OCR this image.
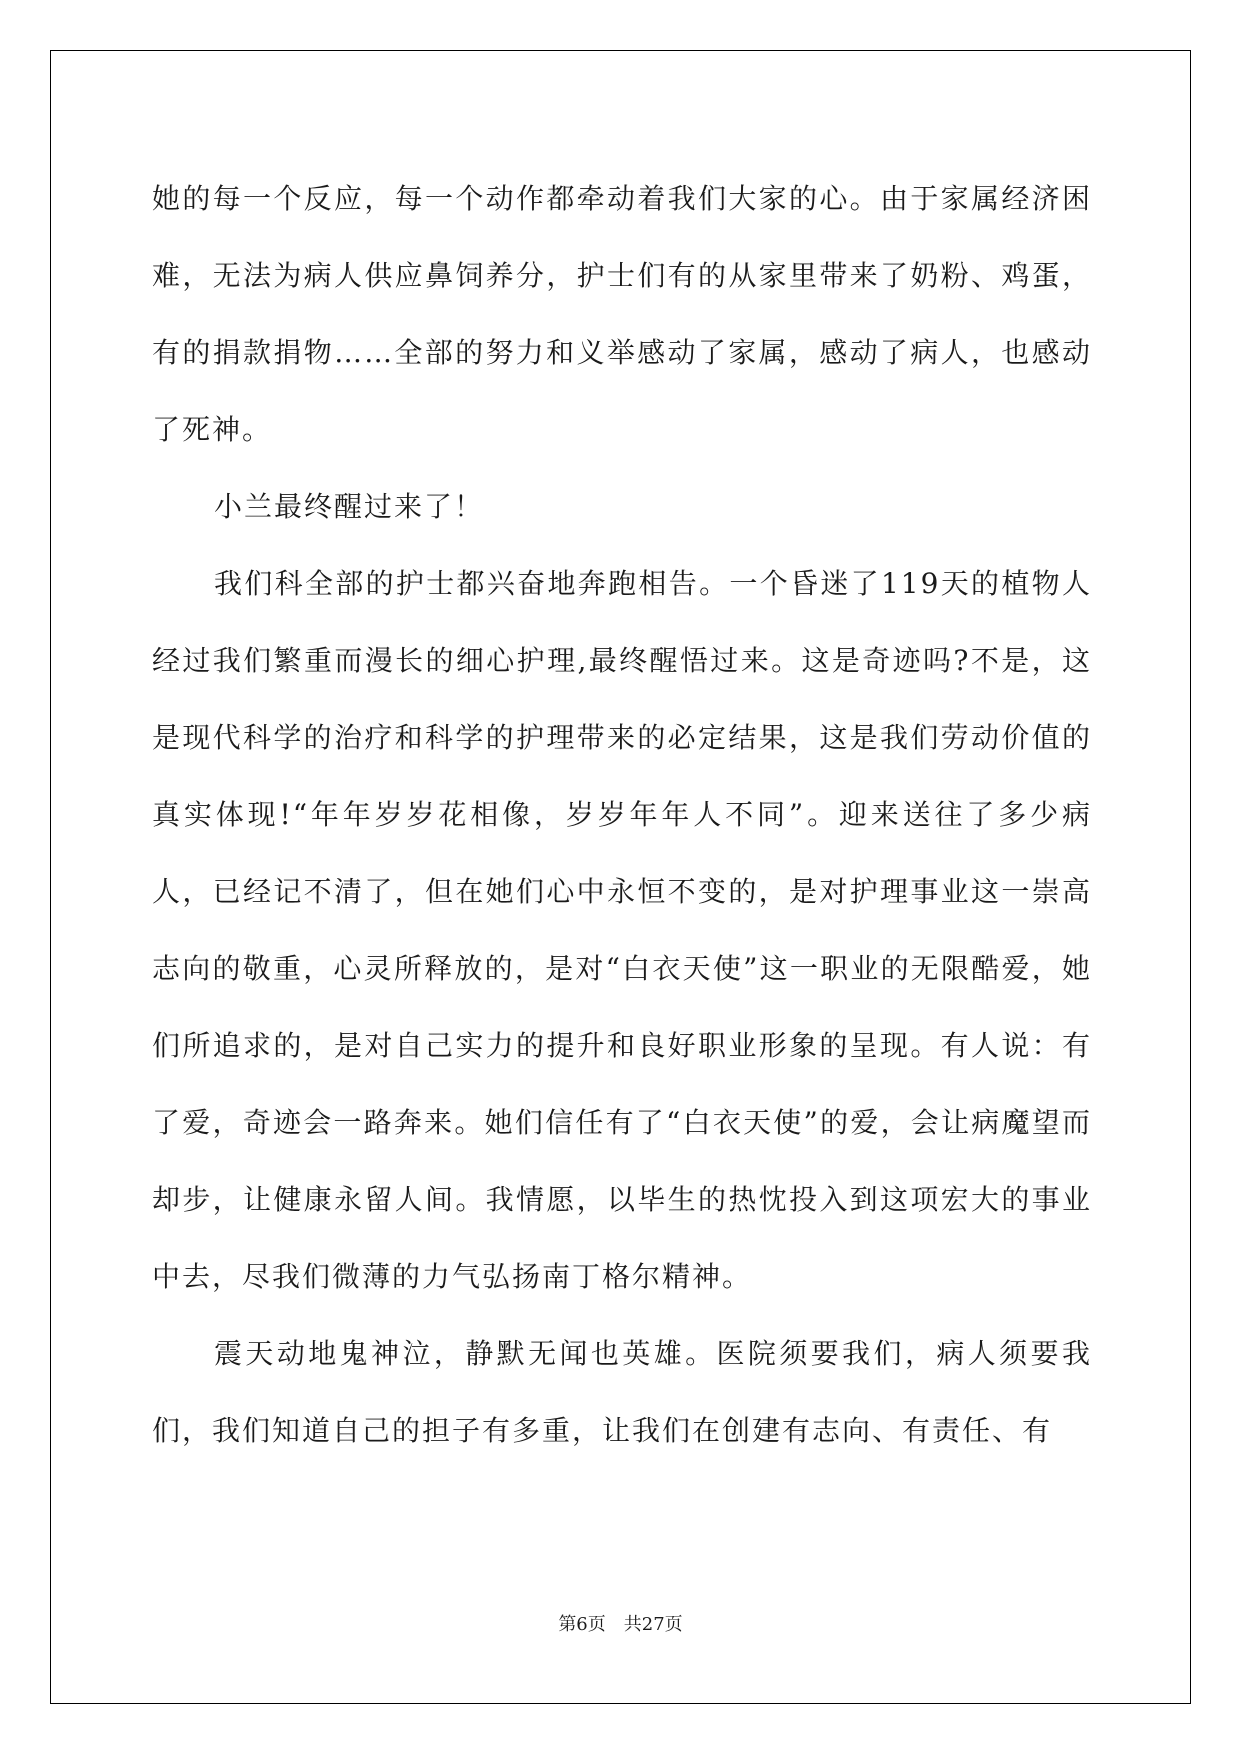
她的每一个反应，每一个动作都牵动着我们大家的心。由于家属经济困难，无法为病人供应鼻饲养分，护士们有的从家里带来了奶粉、鸡蛋，有的捐款捐物……全部的努力和义举感动了家属，感动了病人，也感动了死神。

小兰最终醒过来了！

我们科全部的护士都兴奋地奔跑相告。一个昏迷了119天的植物人经过我们繁重而漫长的细心护理,最终醒悟过来。这是奇迹吗?不是，这是现代科学的治疗和科学的护理带来的必定结果，这是我们劳动价值的真实体现!“年年岁岁花相像，岁岁年年人不同”。迎来送往了多少病人，已经记不清了，但在她们心中永恒不变的，是对护理事业这一崇高志向的敬重，心灵所释放的，是对“白衣天使”这一职业的无限酷爱，她们所追求的，是对自己实力的提升和良好职业形象的呈现。有人说：有了爱，奇迹会一路奔来。她们信任有了“白衣天使”的爱，会让病魔望而却步，让健康永留人间。我情愿，以毕生的热忱投入到这项宏大的事业中去，尽我们微薄的力气弘扬南丁格尔精神。

震天动地鬼神泣，静默无闻也英雄。医院须要我们，病人须要我们，我们知道自己的担子有多重，让我们在创建有志向、有责任、有

第6页　共27页
